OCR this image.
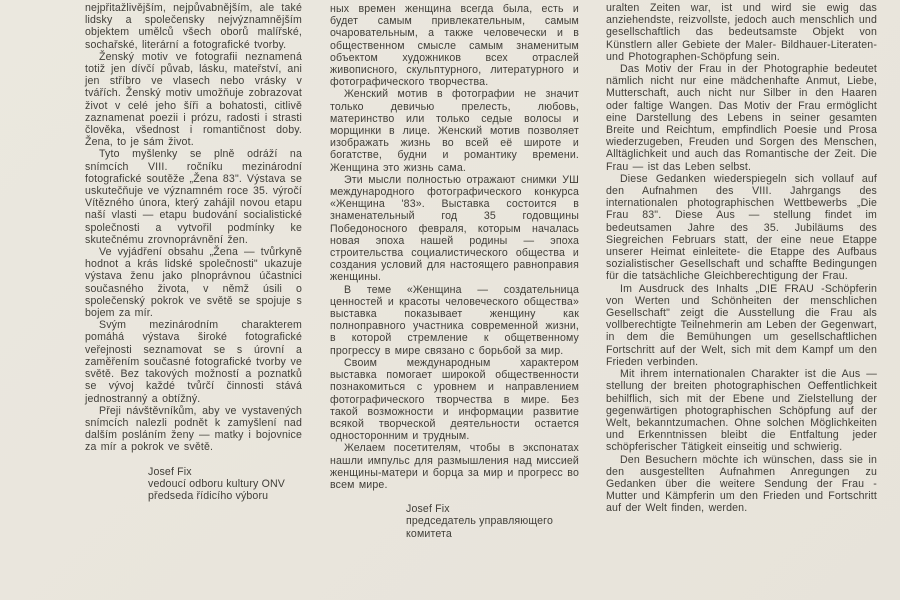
nejpřitažlivějším, nejpůvabnějším, ale také lidsky a společensky nejvýznamnějším objektem umělců všech oborů malířské, sochařské, literární a fotografické tvorby.

Ženský motiv ve fotografii neznamená totiž jen dívčí půvab, lásku, mateřství, ani jen stříbro ve vlasech nebo vrásky v tvářích. Ženský motiv umožňuje zobrazovat život v celé jeho šíři a bohatosti, citlivě zaznamenat poezii i prózu, radosti i strasti člověka, všednost i romantičnost doby. Žena, to je sám život.

Tyto myšlenky se plně odráží na snímcích VIII. ročníku mezinárodní fotografické soutěže „Žena 83". Výstava se uskutečňuje ve významném roce 35. výročí Vítězného února, který zahájil novou etapu naší vlasti — etapu budování socialistické společnosti a vytvořil podmínky ke skutečnému zrovnoprávnění žen.

Ve vyjádření obsahu „Žena — tvůrkyně hodnot a krás lidské společnosti" ukazuje výstava ženu jako plnoprávnou účastnici současného života, v němž úsili o společenský pokrok ve světě se spojuje s bojem za mír.

Svým mezinárodním charakterem pomáhá výstava široké fotografické veřejnosti seznamovat se s úrovní a zaměřením současné fotografické tvorby ve světě. Bez takových možností a poznatků se vývoj každé tvůrčí činnosti stává jednostranný a obtížný.

Přeji návštěvníkům, aby ve vystavených snímcích nalezli podnět k zamyšlení nad dalším posláním ženy — matky i bojovnice za mír a pokrok ve světě.

Josef Fix
vedoucí odboru kultury ONV
předseda řídicího výboru

ных времен женщина всегда была, есть и будет самым привлекательным, самым очаровательным, а также человечески и в общественном смысле самым знаменитым объектом художников всех отраслей живописного, скульптурного, литературного и фотографического творчества.

Женский мотив в фотографии не значит только девичью прелесть, любовь, материнство или только седые волосы и морщинки в лице. Женский мотив позволяет изображать жизнь во всей её широте и богатстве, будни и романтику времени. Женщина это жизнь сама.

Эти мысли полностью отражают снимки УШ международного фотографического конкурса «Женщина '83». Выставка состоится в знаменательный год 35 годовщины Победоносного февраля, которым началась новая эпоха нашей родины — эпоха строительства социалистического общества и создания условий для настоящего равноправия женщины.

В теме «Женщина — создательница ценностей и красоты человеческого общества» выставка показывает женщину как полноправного участника современной жизни, в которой стремление к общетвенному прогрессу в мире связано с борьбой за мир.

Своим международным характером выставка помогает широкой общественности познакомиться с уровнем и направлением фотографического творчества в мире. Без такой возможности и информации развитие всякой творческой деятельности остается односторонним и трудным.

Желаем посетителям, чтобы в экспонатах нашли импульс для размышления над миссией женщины-матери и борца за мир и прогресс во всем мире.

Josef Fix
председатель управляющего
комитета

uralten Zeiten war, ist und wird sie ewig das anziehendste, reizvollste, jedoch auch menschlich und gesellschaftlich das bedeutsamste Objekt von Künstlern aller Gebiete der Maler- Bildhauer-Literaten- und Photographen-Schöpfung sein.

Das Motiv der Frau in der Photographie bedeutet nämlich nicht nur eine mädchenhafte Anmut, Liebe, Mutterschaft, auch nicht nur Silber in den Haaren oder faltige Wangen. Das Motiv der Frau ermöglicht eine Darstellung des Lebens in seiner gesamten Breite und Reichtum, empfindlich Poesie und Prosa wiederzugeben, Freuden und Sorgen des Menschen, Alltäglichkeit und auch das Romantische der Zeit. Die Frau — ist das Leben selbst.

Diese Gedanken wiederspiegeln sich vollauf auf den Aufnahmen des VIII. Jahrgangs des internationalen photographischen Wettbewerbs „Die Frau 83". Diese Aus — stellung findet im bedeutsamen Jahre des 35. Jubiläums des Siegreichen Februars statt, der eine neue Etappe unserer Heimat einleitete- die Etappe des Aufbaus sozialistischer Gesellschaft und schaffte Bedingungen für die tatsächliche Gleichberechtigung der Frau.

Im Ausdruck des Inhalts „DIE FRAU -Schöpferin von Werten und Schönheiten der menschlichen Gesellschaft" zeigt die Ausstellung die Frau als vollberechtigte Teilnehmerin am Leben der Gegenwart, in dem die Bemühungen um gesellschaftlichen Fortschritt auf der Welt, sich mit dem Kampf um den Frieden verbinden.

Mit ihrem internationalen Charakter ist die Aus — stellung der breiten photographischen Oeffentlichkeit behilflich, sich mit der Ebene und Zielstellung der gegenwärtigen photographischen Schöpfung auf der Welt, bekanntzumachen. Ohne solchen Möglichkeiten und Erkenntnissen bleibt die Entfaltung jeder schöpferischer Tätigkeit einseitig und schwierig.

Den Besuchern möchte ich wünschen, dass sie in den ausgestellten Aufnahmen Anregungen zu Gedanken über die weitere Sendung der Frau - Mutter und Kämpferin um den Frieden und Fortschritt auf der Welt finden, werden.
